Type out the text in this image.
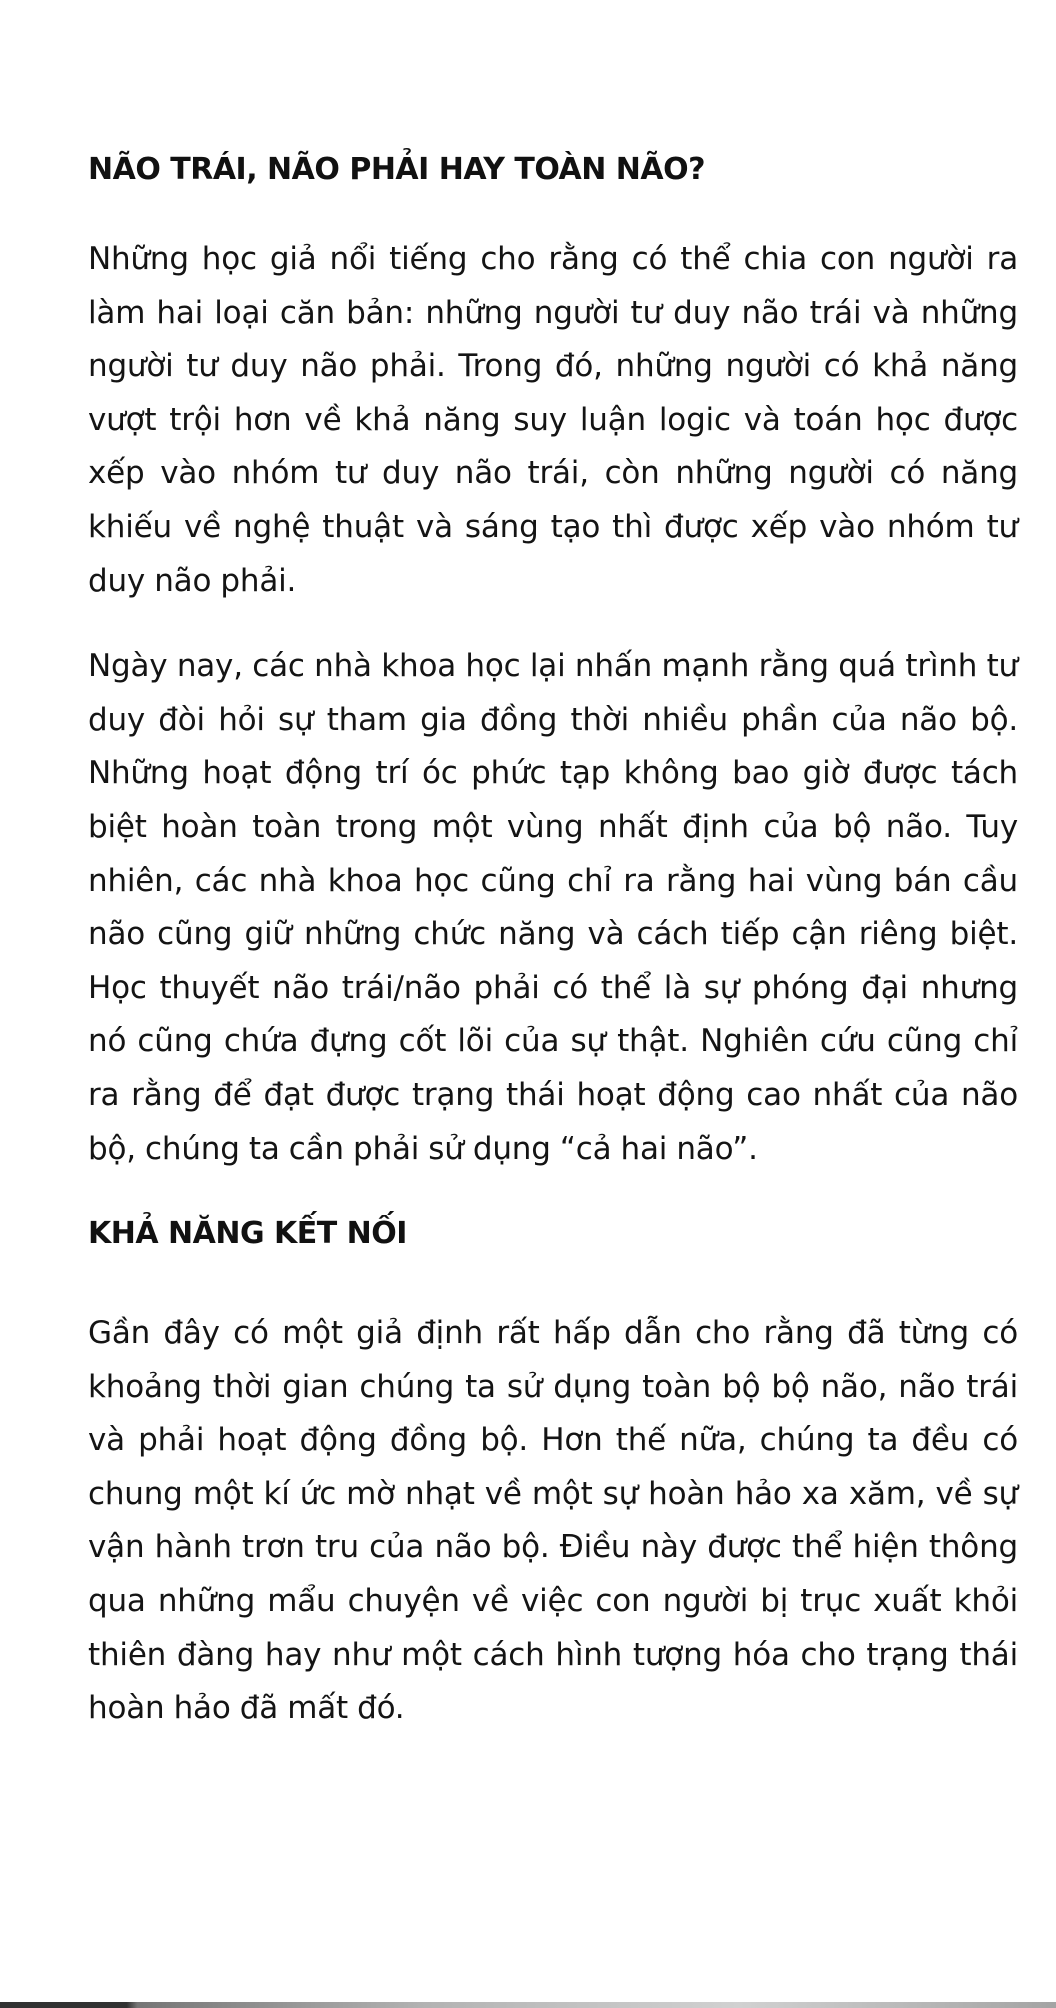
NÃO TRÁI, NÃO PHẢI HAY TOÀN NÃO?

Những học giả nổi tiếng cho rằng có thể chia con người ra làm hai loại căn bản: những người tư duy não trái và những người tư duy não phải. Trong đó, những người có khả năng vượt trội hơn về khả năng suy luận logic và toán học được xếp vào nhóm tư duy não trái, còn những người có năng khiếu về nghệ thuật và sáng tạo thì được xếp vào nhóm tư duy não phải.

Ngày nay, các nhà khoa học lại nhấn mạnh rằng quá trình tư duy đòi hỏi sự tham gia đồng thời nhiều phần của não bộ. Những hoạt động trí óc phức tạp không bao giờ được tách biệt hoàn toàn trong một vùng nhất định của bộ não. Tuy nhiên, các nhà khoa học cũng chỉ ra rằng hai vùng bán cầu não cũng giữ những chức năng và cách tiếp cận riêng biệt. Học thuyết não trái/não phải có thể là sự phóng đại nhưng nó cũng chứa đựng cốt lõi của sự thật. Nghiên cứu cũng chỉ ra rằng để đạt được trạng thái hoạt động cao nhất của não bộ, chúng ta cần phải sử dụng “cả hai não”.

KHẢ NĂNG KẾT NỐI

Gần đây có một giả định rất hấp dẫn cho rằng đã từng có khoảng thời gian chúng ta sử dụng toàn bộ bộ não, não trái và phải hoạt động đồng bộ. Hơn thế nữa, chúng ta đều có chung một kí ức mờ nhạt về một sự hoàn hảo xa xăm, về sự vận hành trơn tru của não bộ. Điều này được thể hiện thông qua những mẩu chuyện về việc con người bị trục xuất khỏi thiên đàng hay như một cách hình tượng hóa cho trạng thái hoàn hảo đã mất đó.
